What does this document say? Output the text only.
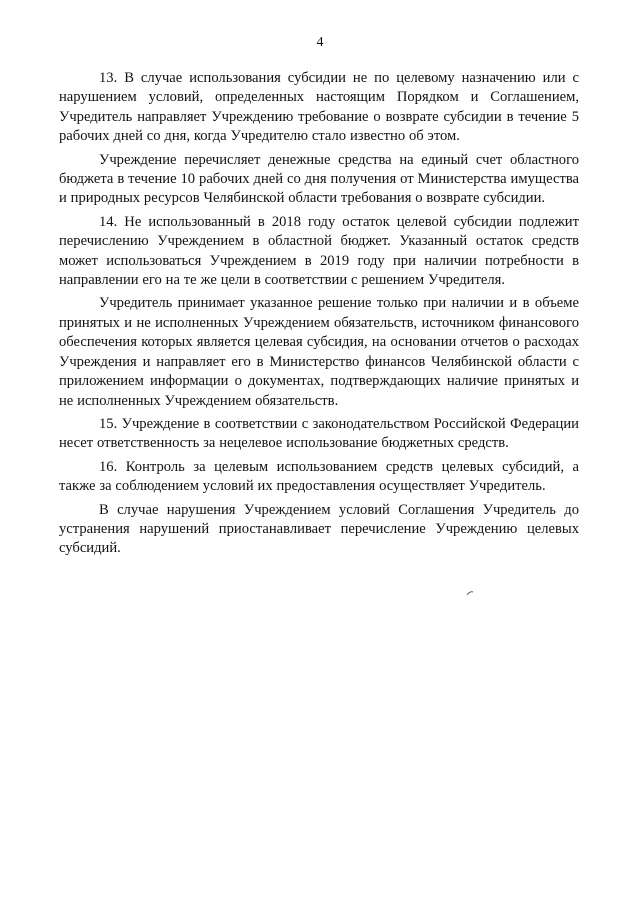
4

13. В случае использования субсидии не по целевому назначению или с нарушением условий, определенных настоящим Порядком и Соглашением, Учредитель направляет Учреждению требование о возврате субсидии в течение 5 рабочих дней со дня, когда Учредителю стало известно об этом.

Учреждение перечисляет денежные средства на единый счет областного бюджета в течение 10 рабочих дней со дня получения от Министерства имущества и природных ресурсов Челябинской области требования о возврате субсидии.

14. Не использованный в 2018 году остаток целевой субсидии подлежит перечислению Учреждением в областной бюджет. Указанный остаток средств может использоваться Учреждением в 2019 году при наличии потребности в направлении его на те же цели в соответствии с решением Учредителя.

Учредитель принимает указанное решение только при наличии и в объеме принятых и не исполненных Учреждением обязательств, источником финансового обеспечения которых является целевая субсидия, на основании отчетов о расходах Учреждения и направляет его в Министерство финансов Челябинской области с приложением информации о документах, подтверждающих наличие принятых и не исполненных Учреждением обязательств.

15. Учреждение в соответствии с законодательством Российской Федерации несет ответственность за нецелевое использование бюджетных средств.

16. Контроль за целевым использованием средств целевых субсидий, а также за соблюдением условий их предоставления осуществляет Учредитель.

В случае нарушения Учреждением условий Соглашения Учредитель до устранения нарушений приостанавливает перечисление Учреждению целевых субсидий.
